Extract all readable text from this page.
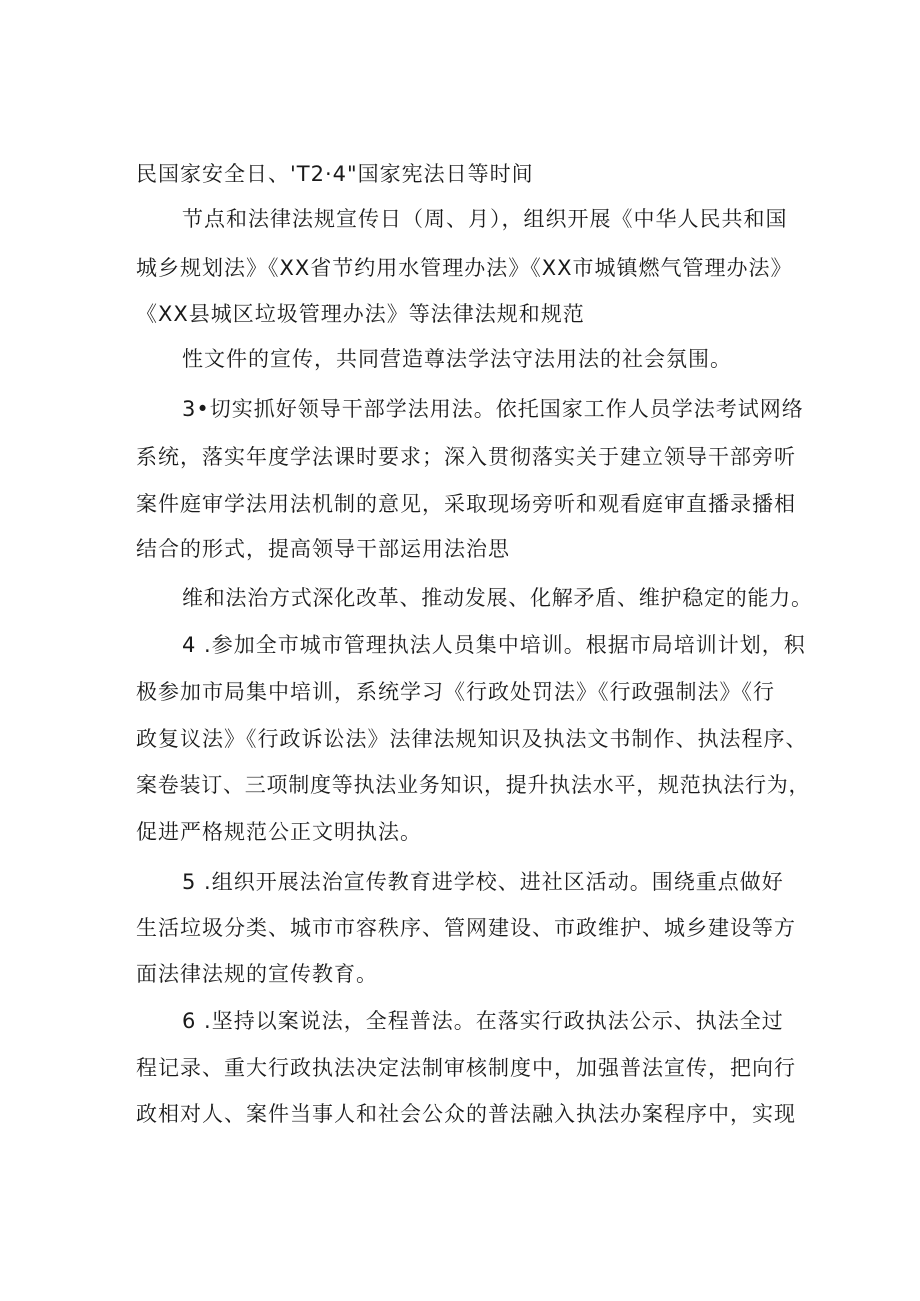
民国家安全日、'T2·4"国家宪法日等时间
节点和法律法规宣传日（周、月），组织开展《中华人民共和国
城乡规划法》《XX省节约用水管理办法》《XX市城镇燃气管理办法》
《XX县城区垃圾管理办法》等法律法规和规范
性文件的宣传，共同营造尊法学法守法用法的社会氛围。
3•切实抓好领导干部学法用法。依托国家工作人员学法考试网络
系统，落实年度学法课时要求；深入贯彻落实关于建立领导干部旁听
案件庭审学法用法机制的意见，采取现场旁听和观看庭审直播录播相
结合的形式，提高领导干部运用法治思
维和法治方式深化改革、推动发展、化解矛盾、维护稳定的能力。
4 .参加全市城市管理执法人员集中培训。根据市局培训计划，积
极参加市局集中培训，系统学习《行政处罚法》《行政强制法》《行
政复议法》《行政诉讼法》法律法规知识及执法文书制作、执法程序、
案卷装订、三项制度等执法业务知识，提升执法水平，规范执法行为，
促进严格规范公正文明执法。
5 .组织开展法治宣传教育进学校、进社区活动。围绕重点做好
生活垃圾分类、城市市容秩序、管网建设、市政维护、城乡建设等方
面法律法规的宣传教育。
6 .坚持以案说法，全程普法。在落实行政执法公示、执法全过
程记录、重大行政执法决定法制审核制度中，加强普法宣传，把向行
政相对人、案件当事人和社会公众的普法融入执法办案程序中，实现
